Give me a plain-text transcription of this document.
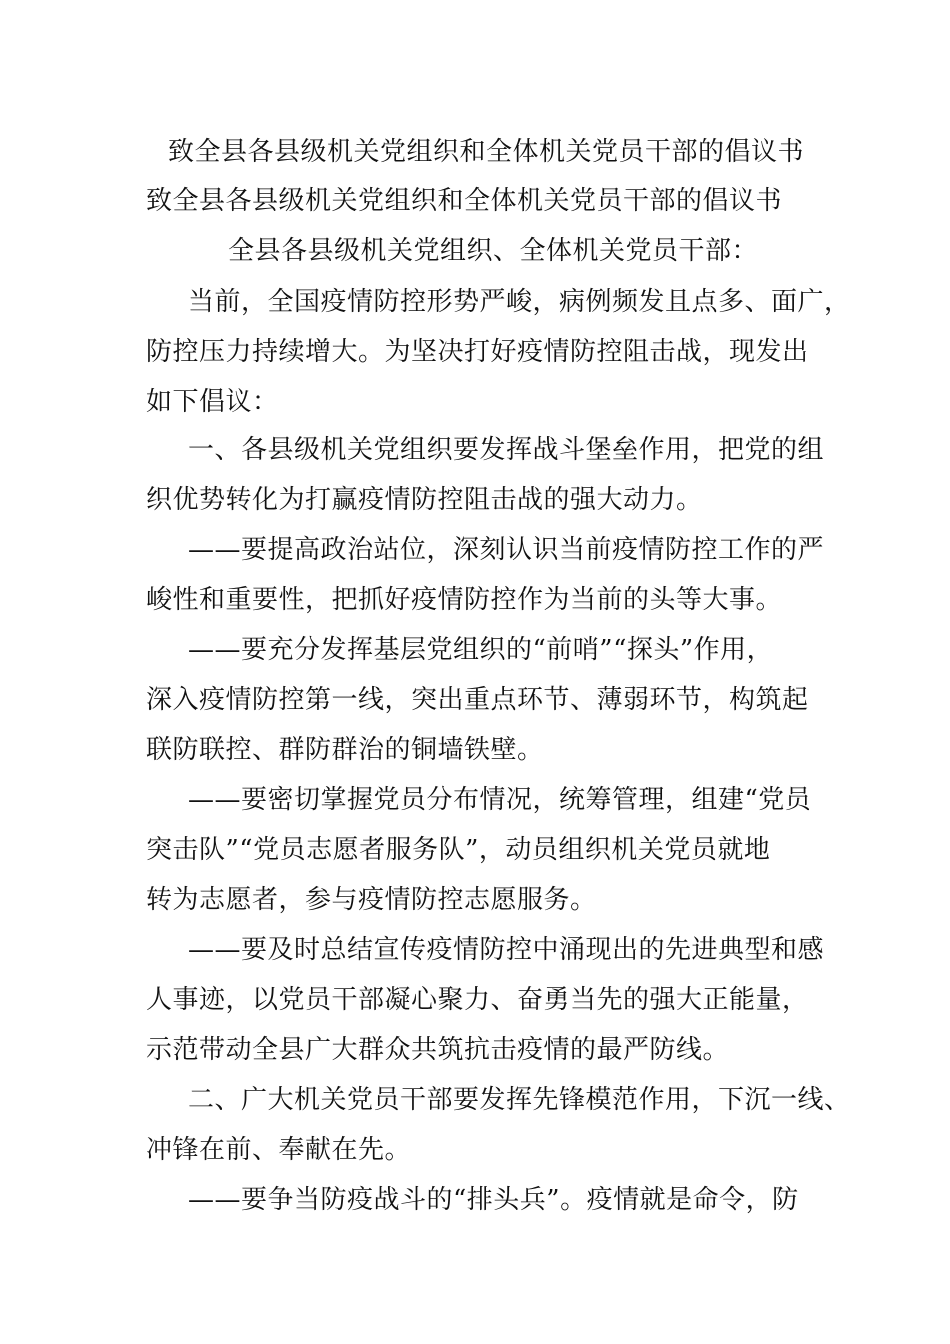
致全县各县级机关党组织和全体机关党员干部的倡议书
致全县各县级机关党组织和全体机关党员干部的倡议书
全县各县级机关党组织、全体机关党员干部：
当前，全国疫情防控形势严峻，病例频发且点多、面广，
防控压力持续增大。为坚决打好疫情防控阻击战，现发出
如下倡议：
一、各县级机关党组织要发挥战斗堡垒作用，把党的组
织优势转化为打赢疫情防控阻击战的强大动力。
——要提高政治站位，深刻认识当前疫情防控工作的严
峻性和重要性，把抓好疫情防控作为当前的头等大事。
——要充分发挥基层党组织的“前哨”“探头”作用，
深入疫情防控第一线，突出重点环节、薄弱环节，构筑起
联防联控、群防群治的铜墙铁壁。
——要密切掌握党员分布情况，统筹管理，组建“党员
突击队”“党员志愿者服务队”，动员组织机关党员就地
转为志愿者，参与疫情防控志愿服务。
——要及时总结宣传疫情防控中涌现出的先进典型和感
人事迹，以党员干部凝心聚力、奋勇当先的强大正能量，
示范带动全县广大群众共筑抗击疫情的最严防线。
二、广大机关党员干部要发挥先锋模范作用，下沉一线、
冲锋在前、奉献在先。
——要争当防疫战斗的“排头兵”。疫情就是命令，防
